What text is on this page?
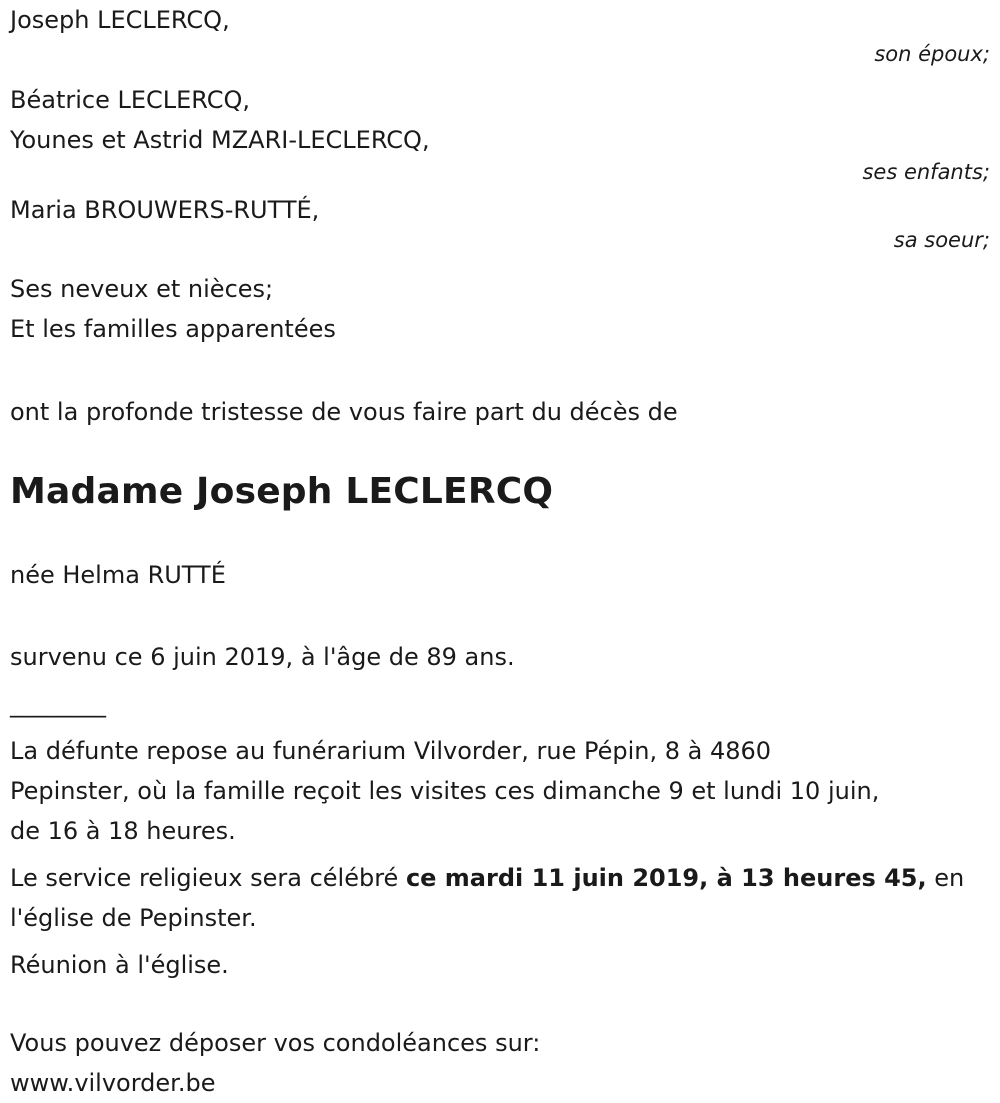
Joseph LECLERCQ,
son époux;
Béatrice LECLERCQ,
Younes et Astrid MZARI-LECLERCQ,
ses enfants;
Maria BROUWERS-RUTTÉ,
sa soeur;
Ses neveux et nièces;
Et les familles apparentées
ont la profonde tristesse de vous faire part du décès de
Madame Joseph LECLERCQ
née Helma RUTTÉ
survenu ce 6 juin 2019, à l'âge de 89 ans.
________

La défunte repose au funérarium Vilvorder, rue Pépin, 8 à 4860

Pepinster, où la famille reçoit les visites ces dimanche 9 et lundi 10 juin,

de 16 à 18 heures.

Le service religieux sera célébré ce mardi 11 juin 2019, à 13 heures 45, en

l'église de Pepinster.

Réunion à l'église.

Vous pouvez déposer vos condoléances sur:

www.vilvorder.be
